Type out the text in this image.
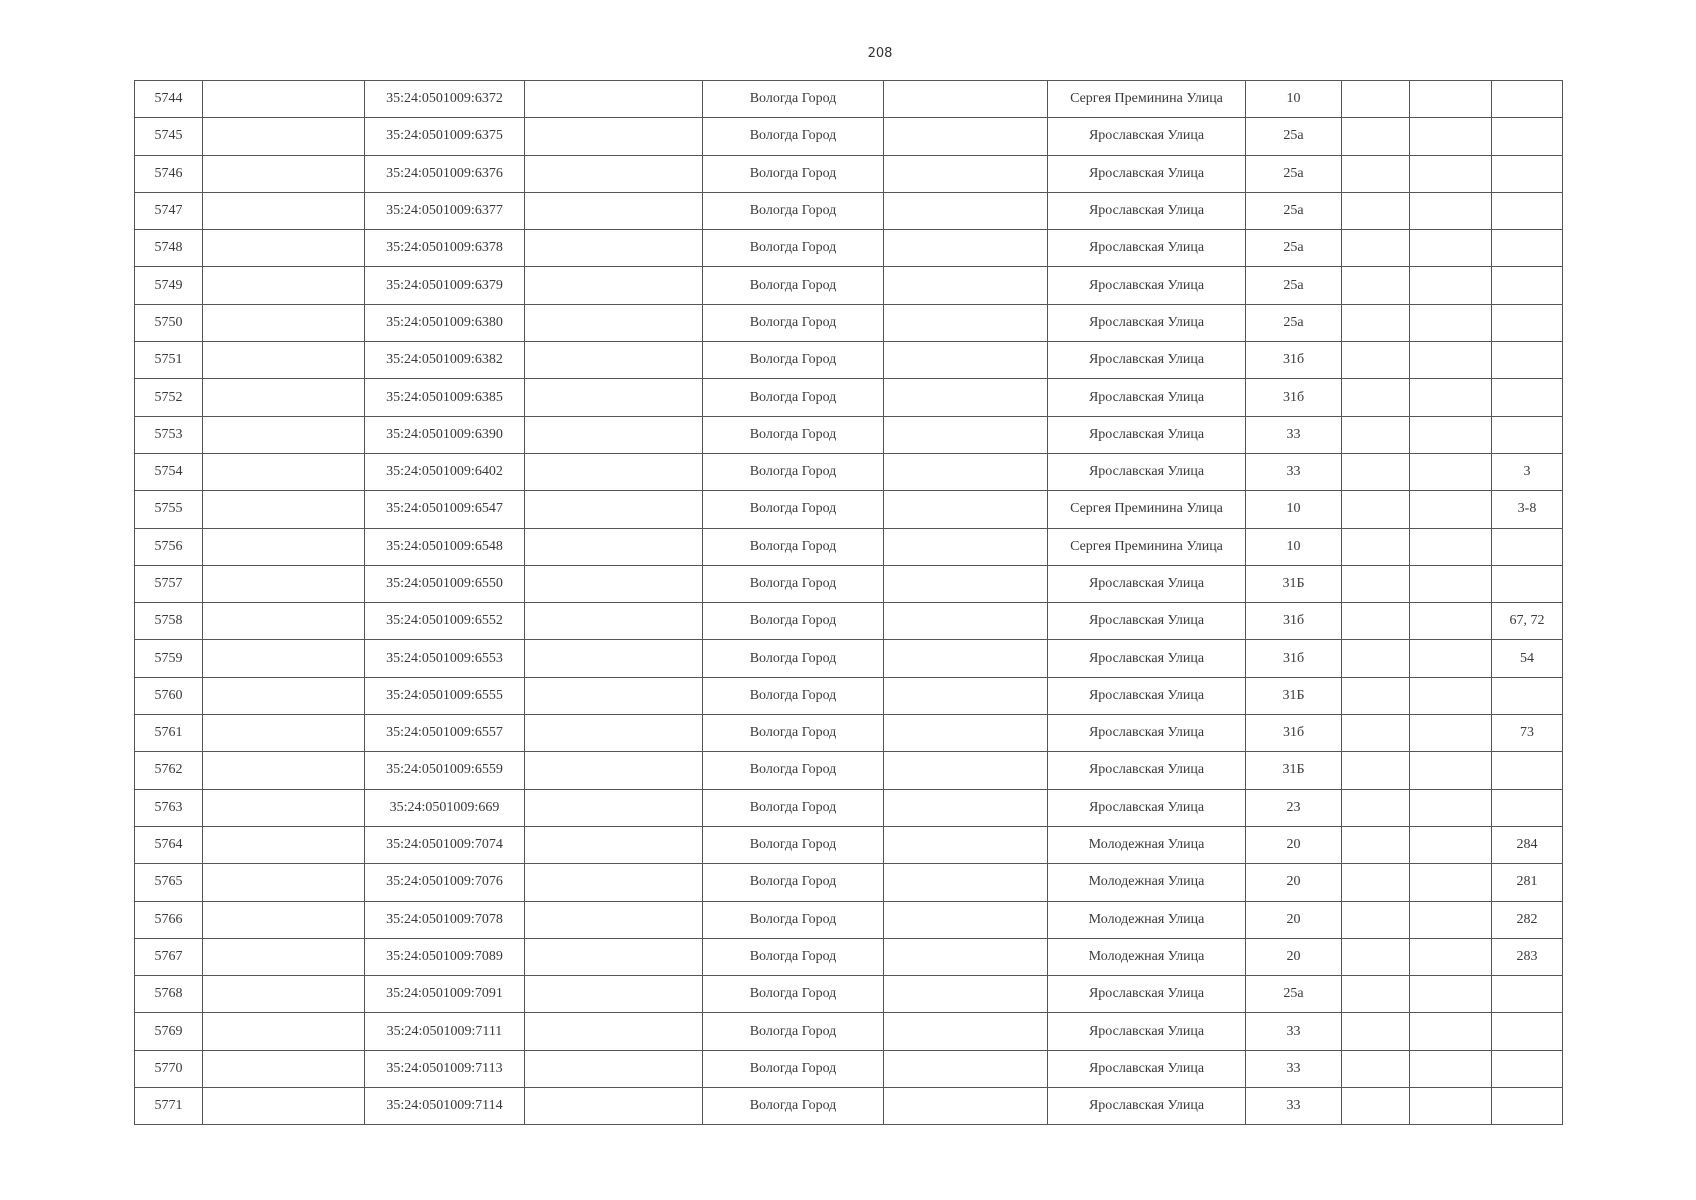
208
5744		35:24:0501009:6372		Вологда Город		Сергея Преминина Улица	10			
5745		35:24:0501009:6375		Вологда Город		Ярославская Улица	25а			
5746		35:24:0501009:6376		Вологда Город		Ярославская Улица	25а			
5747		35:24:0501009:6377		Вологда Город		Ярославская Улица	25а			
5748		35:24:0501009:6378		Вологда Город		Ярославская Улица	25а			
5749		35:24:0501009:6379		Вологда Город		Ярославская Улица	25а			
5750		35:24:0501009:6380		Вологда Город		Ярославская Улица	25а			
5751		35:24:0501009:6382		Вологда Город		Ярославская Улица	31б			
5752		35:24:0501009:6385		Вологда Город		Ярославская Улица	31б			
5753		35:24:0501009:6390		Вологда Город		Ярославская Улица	33			
5754		35:24:0501009:6402		Вологда Город		Ярославская Улица	33			3
5755		35:24:0501009:6547		Вологда Город		Сергея Преминина Улица	10			3-8
5756		35:24:0501009:6548		Вологда Город		Сергея Преминина Улица	10			
5757		35:24:0501009:6550		Вологда Город		Ярославская Улица	31Б			
5758		35:24:0501009:6552		Вологда Город		Ярославская Улица	31б			67, 72
5759		35:24:0501009:6553		Вологда Город		Ярославская Улица	31б			54
5760		35:24:0501009:6555		Вологда Город		Ярославская Улица	31Б			
5761		35:24:0501009:6557		Вологда Город		Ярославская Улица	31б			73
5762		35:24:0501009:6559		Вологда Город		Ярославская Улица	31Б			
5763		35:24:0501009:669		Вологда Город		Ярославская Улица	23			
5764		35:24:0501009:7074		Вологда Город		Молодежная Улица	20			284
5765		35:24:0501009:7076		Вологда Город		Молодежная Улица	20			281
5766		35:24:0501009:7078		Вологда Город		Молодежная Улица	20			282
5767		35:24:0501009:7089		Вологда Город		Молодежная Улица	20			283
5768		35:24:0501009:7091		Вологда Город		Ярославская Улица	25а			
5769		35:24:0501009:7111		Вологда Город		Ярославская Улица	33			
5770		35:24:0501009:7113		Вологда Город		Ярославская Улица	33			
5771		35:24:0501009:7114		Вологда Город		Ярославская Улица	33			
